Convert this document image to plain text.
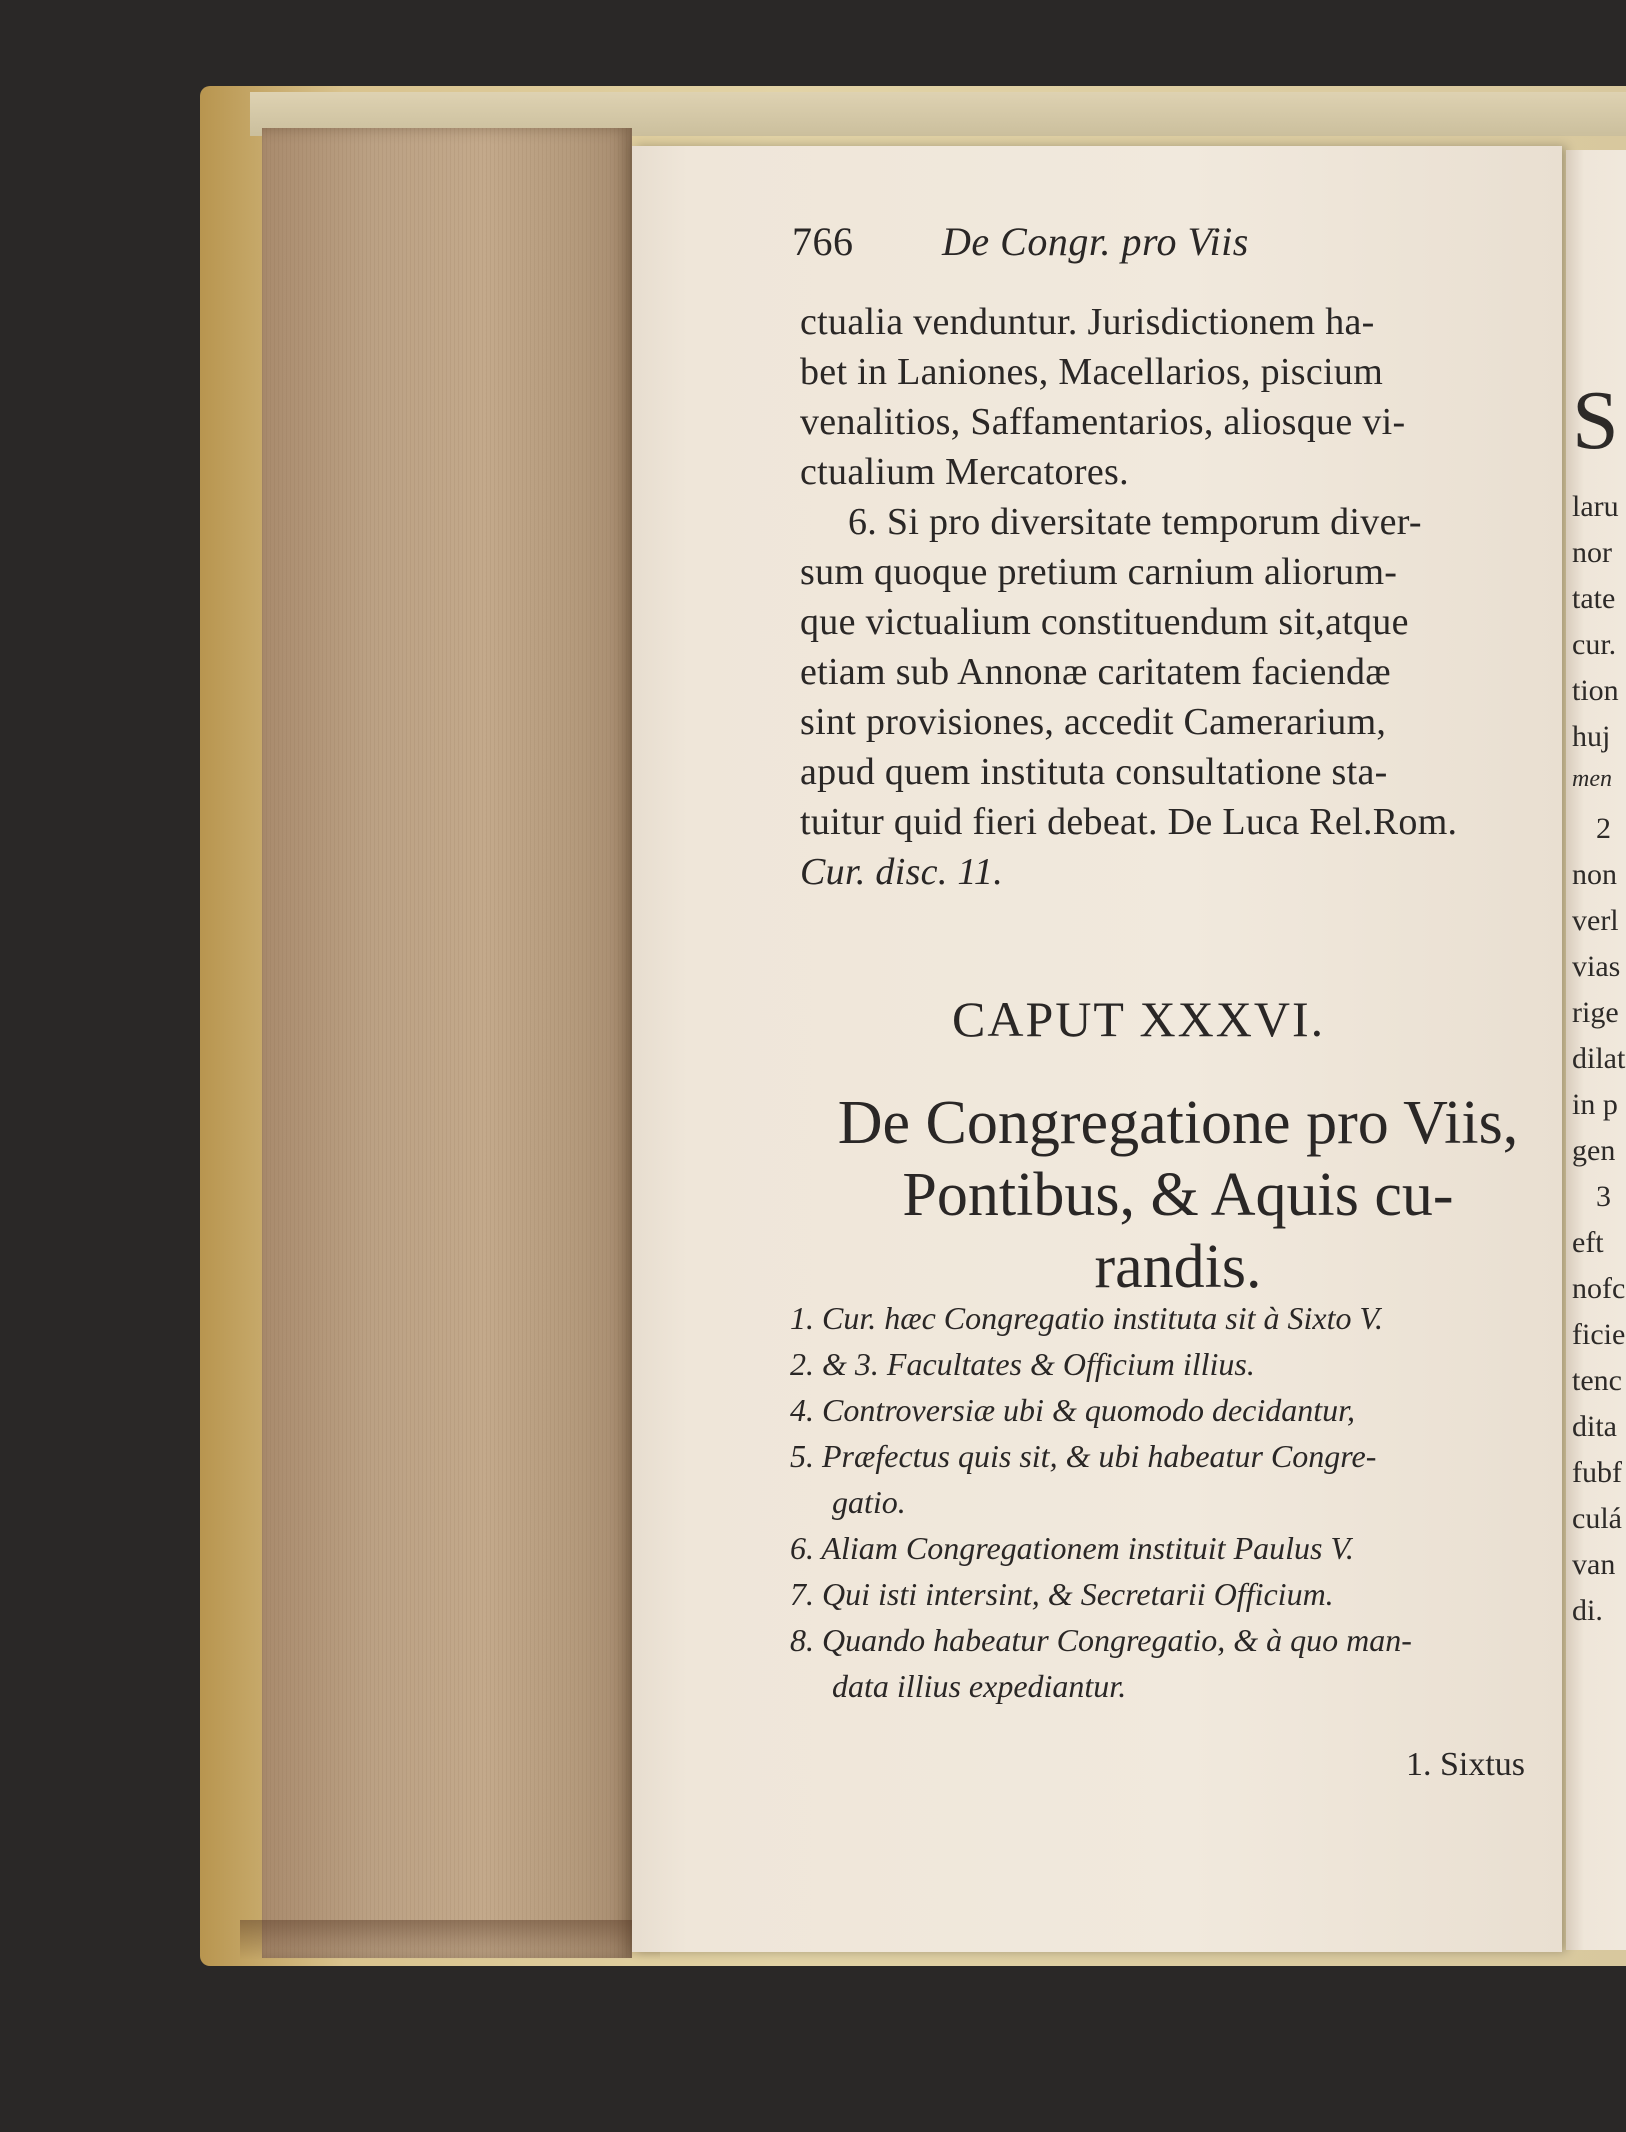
S
laru
nor
tate
cur.
tion
huj
men
2
non
verl
vias
rige
dilat
in p
gen
3
eft
nofc
ficie
tenc
dita
fubf
culá
van
di.
766 De Congr. pro Viis
ctualia venduntur. Jurisdictionem ha-
bet in Laniones, Macellarios, piscium
venalitios, Saffamentarios, aliosque vi-
ctualium Mercatores.
6. Si pro diversitate temporum diver-
sum quoque pretium carnium aliorum-
que victualium constituendum sit,atque
etiam sub Annonæ caritatem faciendæ
sint provisiones, accedit Camerarium,
apud quem instituta consultatione sta-
tuitur quid fieri debeat. De Luca Rel.Rom.
Cur. disc. 11.
CAPUT XXXVI.
De Congregatione pro Viis,
Pontibus, & Aquis cu-
randis.
1. Cur. hæc Congregatio instituta sit à Sixto V.
2. & 3. Facultates & Officium illius.
4. Controversiæ ubi & quomodo decidantur,
5. Præfectus quis sit, & ubi habeatur Congre-
gatio.
6. Aliam Congregationem instituit Paulus V.
7. Qui isti intersint, & Secretarii Officium.
8. Quando habeatur Congregatio, & à quo man-
data illius expediantur.
1. Sixtus
